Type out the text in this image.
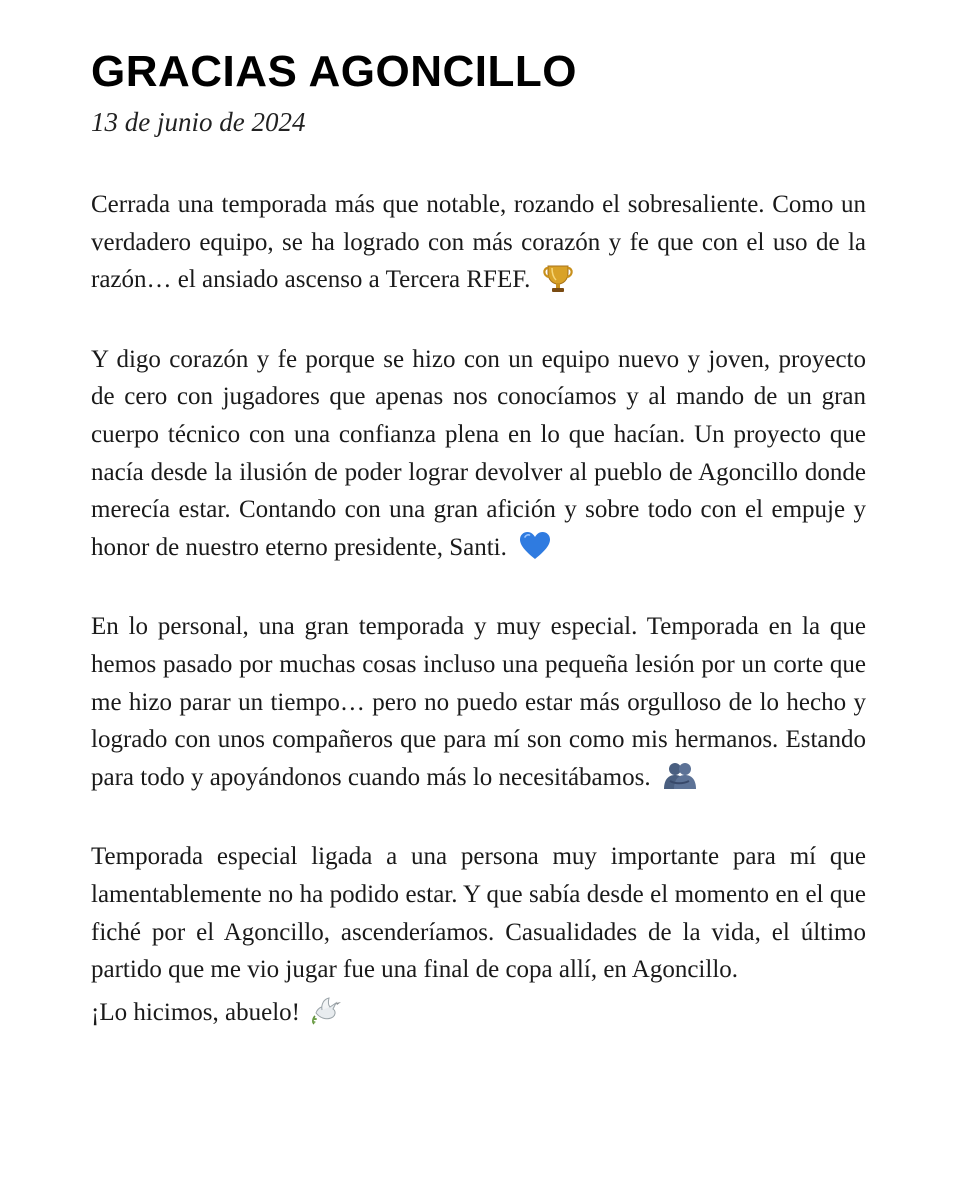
GRACIAS AGONCILLO

13 de junio de 2024

Cerrada una temporada más que notable, rozando el sobresaliente. Como un verdadero equipo, se ha logrado con más corazón y fe que con el uso de la razón… el ansiado ascenso a Tercera RFEF.

Y digo corazón y fe porque se hizo con un equipo nuevo y joven, proyecto de cero con jugadores que apenas nos conocíamos y al mando de un gran cuerpo técnico con una confianza plena en lo que hacían. Un proyecto que nacía desde la ilusión de poder lograr devolver al pueblo de Agoncillo donde merecía estar. Contando con una gran afición y sobre todo con el empuje y honor de nuestro eterno presidente, Santi.

En lo personal, una gran temporada y muy especial. Temporada en la que hemos pasado por muchas cosas incluso una pequeña lesión por un corte que me hizo parar un tiempo… pero no puedo estar más orgulloso de lo hecho y logrado con unos compañeros que para mí son como mis hermanos. Estando para todo y apoyándonos cuando más lo necesitábamos.

Temporada especial ligada a una persona muy importante para mí que lamentablemente no ha podido estar. Y que sabía desde el momento en el que fiché por el Agoncillo, ascenderíamos. Casualidades de la vida, el último partido que me vio jugar fue una final de copa allí, en Agoncillo.

¡Lo hicimos, abuelo!
